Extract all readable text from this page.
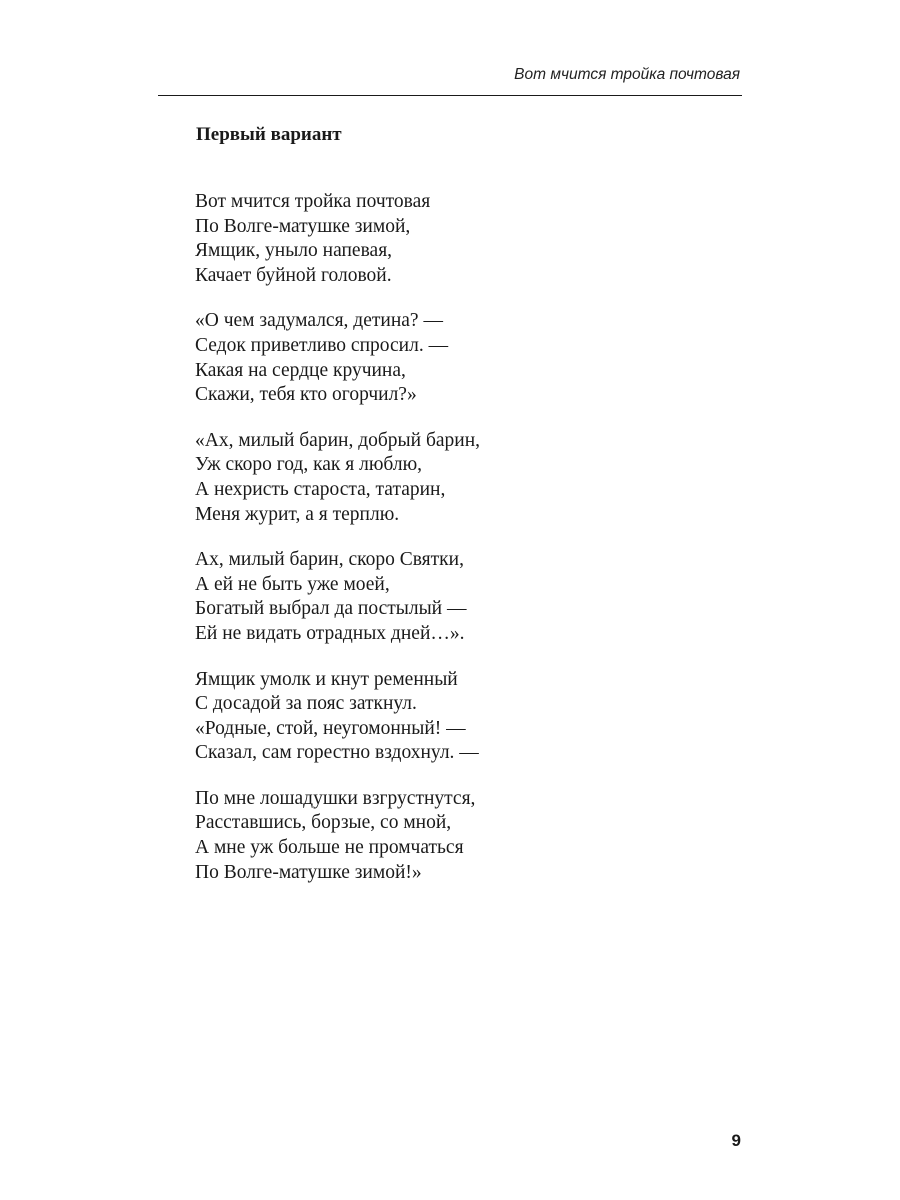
Вот мчится тройка почтовая
Первый вариант
Вот мчится тройка почтовая
По Волге-матушке зимой,
Ямщик, уныло напевая,
Качает буйной головой.
«О чем задумался, детина? —
Седок приветливо спросил. —
Какая на сердце кручина,
Скажи, тебя кто огорчил?»
«Ах, милый барин, добрый барин,
Уж скоро год, как я люблю,
А нехристь староста, татарин,
Меня журит, а я терплю.
Ах, милый барин, скоро Святки,
А ей не быть уже моей,
Богатый выбрал да постылый —
Ей не видать отрадных дней…».
Ямщик умолк и кнут ременный
С досадой за пояс заткнул.
«Родные, стой, неугомонный! —
Сказал, сам горестно вздохнул. —
По мне лошадушки взгрустнутся,
Расставшись, борзые, со мной,
А мне уж больше не промчаться
По Волге-матушке зимой!»
9
